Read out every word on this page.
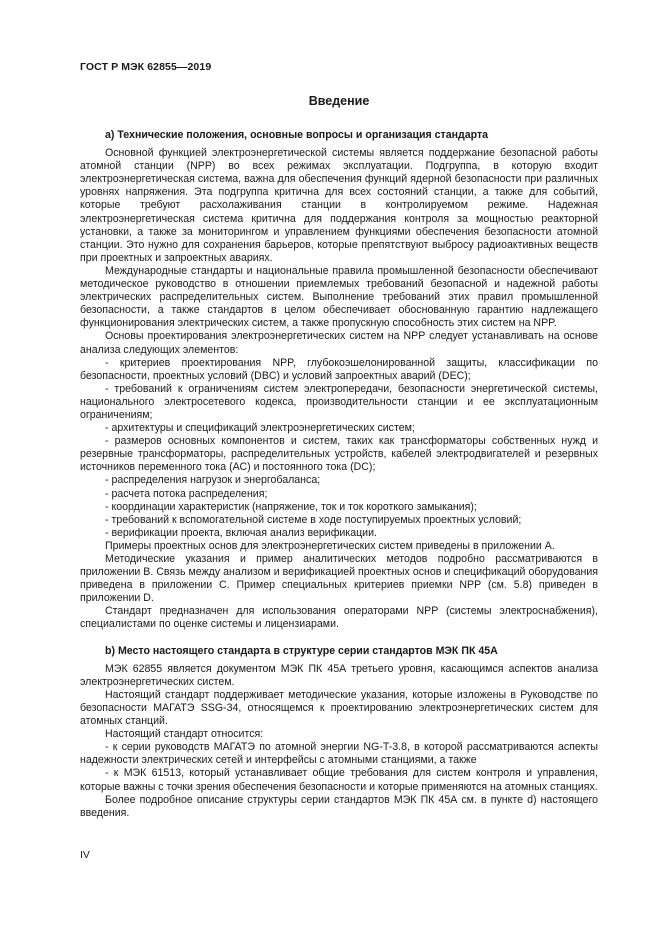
ГОСТ Р МЭК 62855—2019
Введение
а) Технические положения, основные вопросы и организация стандарта

Основной функцией электроэнергетической системы является поддержание безопасной работы атомной станции (NPP) во всех режимах эксплуатации. Подгруппа, в которую входит электроэнергетическая система, важна для обеспечения функций ядерной безопасности при различных уровнях напряжения. Эта подгруппа критична для всех состояний станции, а также для событий, которые требуют расхолаживания станции в контролируемом режиме. Надежная электроэнергетическая система критична для поддержания контроля за мощностью реакторной установки, а также за мониторингом и управлением функциями обеспечения безопасности атомной станции. Это нужно для сохранения барьеров, которые препятствуют выбросу радиоактивных веществ при проектных и запроектных авариях.

Международные стандарты и национальные правила промышленной безопасности обеспечивают методическое руководство в отношении приемлемых требований безопасной и надежной работы электрических распределительных систем. Выполнение требований этих правил промышленной безопасности, а также стандартов в целом обеспечивает обоснованную гарантию надлежащего функционирования электрических систем, а также пропускную способность этих систем на NPP.

Основы проектирования электроэнергетических систем на NPP следует устанавливать на основе анализа следующих элементов:

- критериев проектирования NPP, глубокоэшелонированной защиты, классификации по безопасности, проектных условий (DBC) и условий запроектных аварий (DEC);

- требований к ограничениям систем электропередачи, безопасности энергетической системы, национального электросетевого кодекса, производительности станции и ее эксплуатационным ограничениям;

- архитектуры и спецификаций электроэнергетических систем;

- размеров основных компонентов и систем, таких как трансформаторы собственных нужд и резервные трансформаторы, распределительных устройств, кабелей электродвигателей и резервных источников переменного тока (АС) и постоянного тока (DC);

- распределения нагрузок и энергобаланса;

- расчета потока распределения;

- координации характеристик (напряжение, ток и ток короткого замыкания);

- требований к вспомогательной системе в ходе поступируемых проектных условий;

- верификации проекта, включая анализ верификации.

Примеры проектных основ для электроэнергетических систем приведены в приложении А.

Методические указания и пример аналитических методов подробно рассматриваются в приложении В. Связь между анализом и верификацией проектных основ и спецификаций оборудования приведена в приложении С. Пример специальных критериев приемки NPP (см. 5.8) приведен в приложении D.

Стандарт предназначен для использования операторами NPP (системы электроснабжения), специалистами по оценке системы и лицензиарами.

b) Место настоящего стандарта в структуре серии стандартов МЭК ПК 45А

МЭК 62855 является документом МЭК ПК 45А третьего уровня, касающимся аспектов анализа электроэнергетических систем.

Настоящий стандарт поддерживает методические указания, которые изложены в Руководстве по безопасности МАГАТЭ SSG-34, относящемся к проектированию электроэнергетических систем для атомных станций.

Настоящий стандарт относится:

- к серии руководств МАГАТЭ по атомной энергии NG-T-3.8, в которой рассматриваются аспекты надежности электрических сетей и интерфейсы с атомными станциями, а также

- к МЭК 61513, который устанавливает общие требования для систем контроля и управления, которые важны с точки зрения обеспечения безопасности и которые применяются на атомных станциях.

Более подробное описание структуры серии стандартов МЭК ПК 45А см. в пункте d) настоящего введения.

IV
